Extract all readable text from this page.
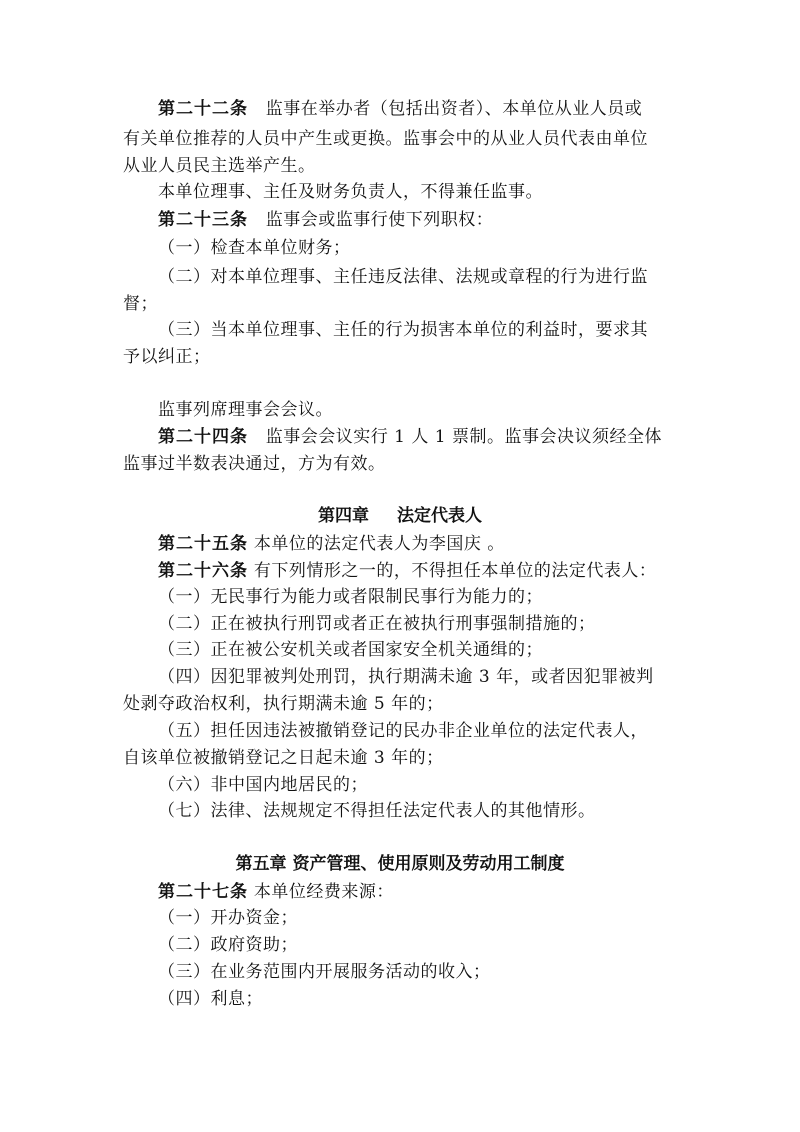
第二十二条 监事在举办者（包括出资者）、本单位从业人员或
有关单位推荐的人员中产生或更换。监事会中的从业人员代表由单位
从业人员民主选举产生。
本单位理事、主任及财务负责人，不得兼任监事。
第二十三条 监事会或监事行使下列职权：
（一）检查本单位财务；
（二）对本单位理事、主任违反法律、法规或章程的行为进行监
督；
（三）当本单位理事、主任的行为损害本单位的利益时，要求其
予以纠正；
监事列席理事会会议。
第二十四条 监事会会议实行 1 人 1 票制。监事会决议须经全体
监事过半数表决通过，方为有效。
第四章 法定代表人
第二十五条 本单位的法定代表人为李国庆 。
第二十六条 有下列情形之一的，不得担任本单位的法定代表人：
（一）无民事行为能力或者限制民事行为能力的；
（二）正在被执行刑罚或者正在被执行刑事强制措施的；
（三）正在被公安机关或者国家安全机关通缉的；
（四）因犯罪被判处刑罚，执行期满未逾 3 年，或者因犯罪被判
处剥夺政治权利，执行期满未逾 5 年的；
（五）担任因违法被撤销登记的民办非企业单位的法定代表人，
自该单位被撤销登记之日起未逾 3 年的；
（六）非中国内地居民的；
（七）法律、法规规定不得担任法定代表人的其他情形。
第五章 资产管理、使用原则及劳动用工制度
第二十七条 本单位经费来源：
（一）开办资金；
（二）政府资助；
（三）在业务范围内开展服务活动的收入；
（四）利息；
